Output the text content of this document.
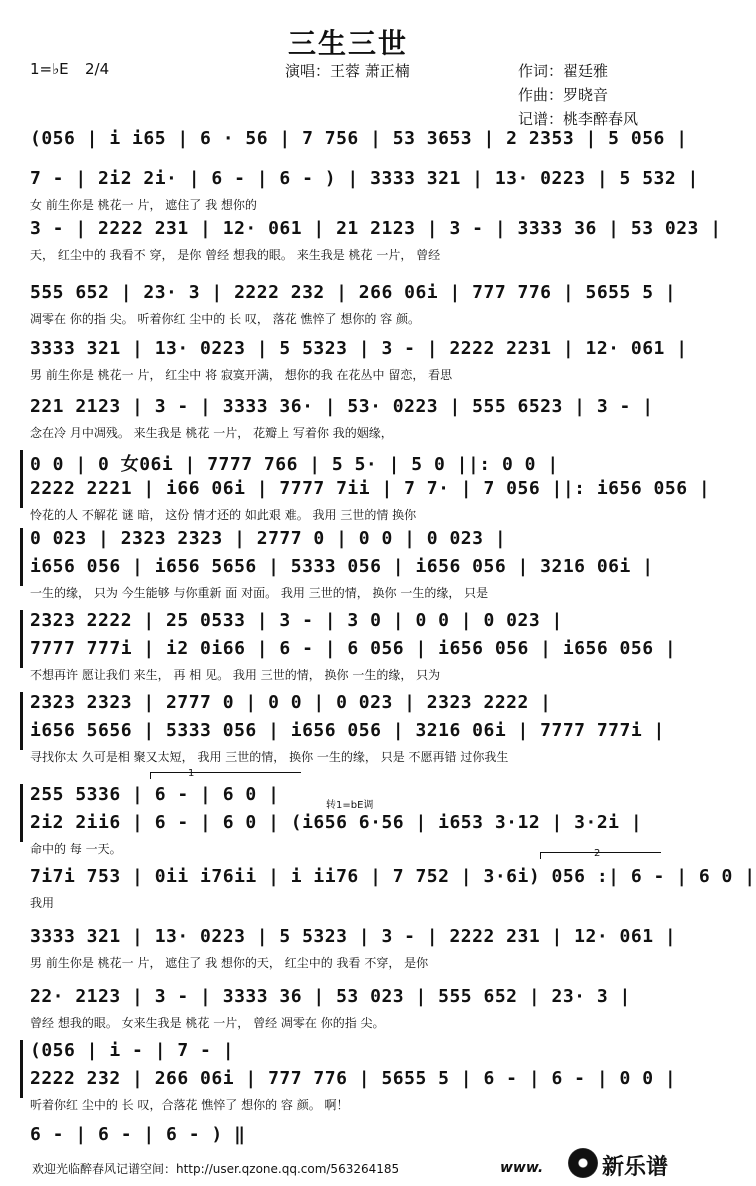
三生三世
1=♭E 2/4	演唱：王蓉 萧正楠	作词：翟廷雅
作曲：罗晓音
记谱：桃李醉春风
(056 | i i65 | 6 · 56 | 7 756 | 53 3653 | 2 2353 | 5 056 |
7 - | 2i2 2i· | 6 - | 6 - ) | 3333 321 | 13· 0223 | 5 532 |
女 前生你是 桃花一 片， 遮住了 我 想你的
3 - | 2222 231 | 12· 061 | 21 2123 | 3 - | 3333 36 | 53 023 |
天， 红尘中的 我看不 穿， 是你 曾经 想我的眼。 来生我是 桃花 一片， 曾经
555 652 | 23· 3 | 2222 232 | 266 06i | 777 776 | 5655 5 |
凋零在 你的指 尖。 听着你红 尘中的 长 叹， 落花 憔悴了 想你的 容 颜。
3333 321 | 13· 0223 | 5 5323 | 3 - | 2222 2231 | 12· 061 |
男 前生你是 桃花一 片， 红尘中 将 寂寞开满， 想你的我 在花丛中 留恋， 看思
221 2123 | 3 - | 3333 36· | 53· 0223 | 555 6523 | 3 - |
念在冷 月中凋残。 来生我是 桃花 一片， 花瓣上 写着你 我的姻缘，
0 0 | 0 女06i | 7777 766 | 5 5· | 5 0 ||: 0 0 |
2222 2221 | i66 06i | 7777 7ii | 7 7· | 7 056 ||: i656 056 |
怜花的人 不解花 谜 暗， 这份 情才还的 如此艰 难。 我用 三世的情 换你
0 023 | 2323 2323 | 2777 0 | 0 0 | 0 023 |
i656 056 | i656 5656 | 5333 056 | i656 056 | 3216 06i |
一生的缘， 只为 今生能够 与你重新 面 对面。 我用 三世的情， 换你 一生的缘， 只是
2323 2222 | 25 0533 | 3 - | 3 0 | 0 0 | 0 023 |
7777 777i | i2 0i66 | 6 - | 6 056 | i656 056 | i656 056 |
不想再许 愿让我们 来生， 再 相 见。 我用 三世的情， 换你 一生的缘， 只为
2323 2323 | 2777 0 | 0 0 | 0 023 | 2323 2222 |
i656 5656 | 5333 056 | i656 056 | 3216 06i | 7777 777i |
寻找你太 久可是相 聚又太短， 我用 三世的情， 换你 一生的缘， 只是 不愿再错 过你我生
255 5336 | 6 - | 6 0 |
2i2 2ii6 | 6 - | 6 0 | (i656 6·56 | i653 3·12 | 3·2i |
命中的 每 一天。
7i7i 753 | 0ii i76ii | i ii76 | 7 752 | 3·6i) 056 :| 6 - | 6 0 |
我用
3333 321 | 13· 0223 | 5 5323 | 3 - | 2222 231 | 12· 061 |
男 前生你是 桃花一 片， 遮住了 我 想你的天， 红尘中的 我看 不穿， 是你
22· 2123 | 3 - | 3333 36 | 53 023 | 555 652 | 23· 3 |
曾经 想我的眼。 女来生我是 桃花 一片， 曾经 凋零在 你的指 尖。
(056 | i - | 7 - |
2222 232 | 266 06i | 777 776 | 5655 5 | 6 - | 6 - | 0 0 |
听着你红 尘中的 长 叹，合落花 憔悴了 想你的 容 颜。 啊！
6 - | 6 - | 6 - ) ‖
1
转1=bE调
2
欢迎光临醉春风记谱空间：http://user.qzone.qq.com/563264185	www.	新乐谱
